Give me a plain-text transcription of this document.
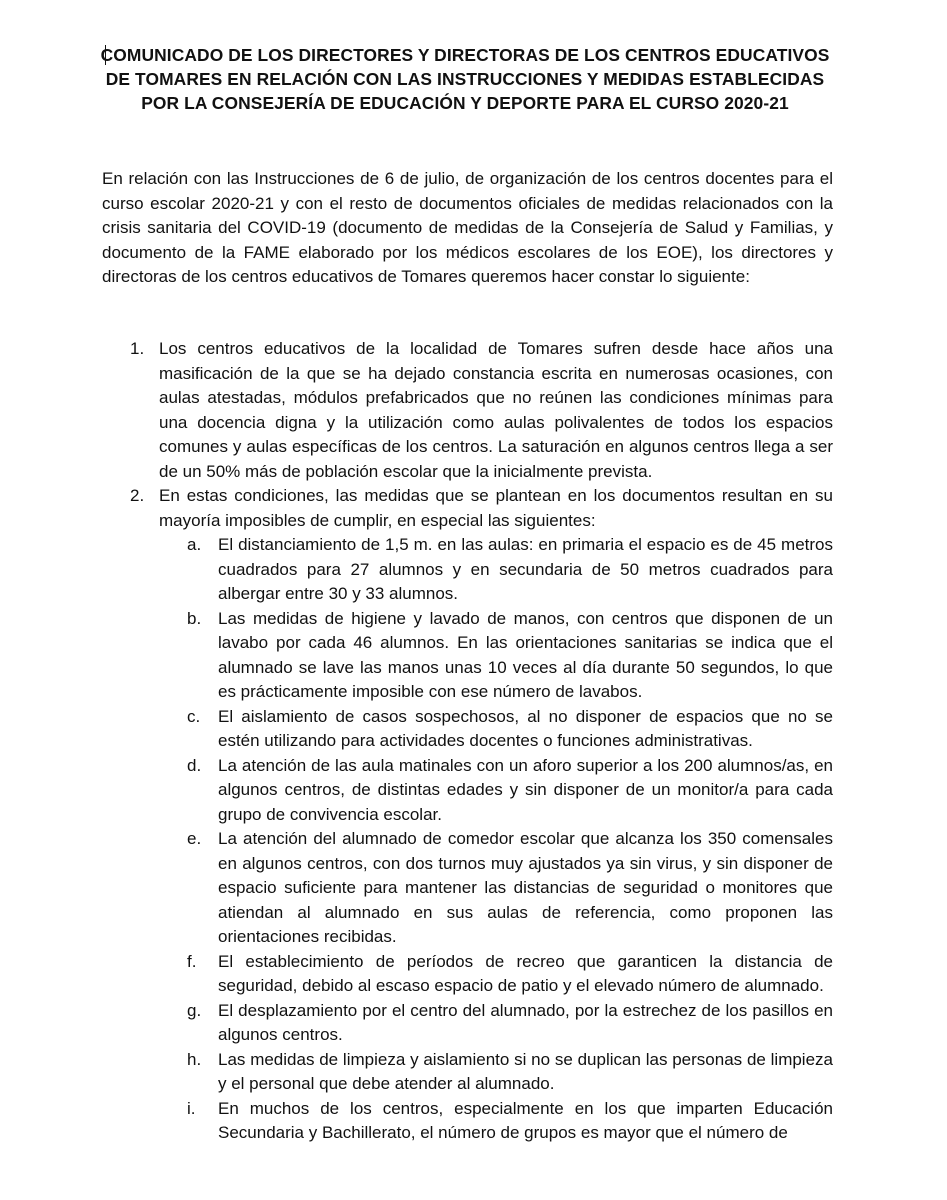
COMUNICADO DE LOS DIRECTORES Y DIRECTORAS DE LOS CENTROS EDUCATIVOS DE TOMARES EN RELACIÓN CON LAS INSTRUCCIONES Y MEDIDAS ESTABLECIDAS POR LA CONSEJERÍA DE EDUCACIÓN Y DEPORTE PARA EL CURSO 2020-21

En relación con las Instrucciones de 6 de julio, de organización de los centros docentes para el curso escolar 2020-21 y con el resto de documentos oficiales de medidas relacionados con la crisis sanitaria del COVID-19 (documento de medidas de la Consejería de Salud y Familias, y documento de la FAME elaborado por los médicos escolares de los EOE), los directores y directoras de los centros educativos de Tomares queremos hacer constar lo siguiente:

1. Los centros educativos de la localidad de Tomares sufren desde hace años una masificación de la que se ha dejado constancia escrita en numerosas ocasiones, con aulas atestadas, módulos prefabricados que no reúnen las condiciones mínimas para una docencia digna y la utilización como aulas polivalentes de todos los espacios comunes y aulas específicas de los centros. La saturación en algunos centros llega a ser de un 50% más de población escolar que la inicialmente prevista.
2. En estas condiciones, las medidas que se plantean en los documentos resultan en su mayoría imposibles de cumplir, en especial las siguientes:
a. El distanciamiento de 1,5 m. en las aulas: en primaria el espacio es de 45 metros cuadrados para 27 alumnos y en secundaria de 50 metros cuadrados para albergar entre 30 y 33 alumnos.
b. Las medidas de higiene y lavado de manos, con centros que disponen de un lavabo por cada 46 alumnos. En las orientaciones sanitarias se indica que el alumnado se lave las manos unas 10 veces al día durante 50 segundos, lo que es prácticamente imposible con ese número de lavabos.
c.	El aislamiento de casos sospechosos, al no disponer de espacios que no se estén utilizando para actividades docentes o funciones administrativas.
d. La atención de las aula matinales con un aforo superior a los 200 alumnos/as, en algunos centros, de distintas edades y sin disponer de un monitor/a para cada grupo de convivencia escolar.
e. La atención del alumnado de comedor escolar que alcanza los 350 comensales en algunos centros, con dos turnos muy ajustados ya sin virus, y sin disponer de espacio suficiente para mantener las distancias de seguridad o monitores que atiendan al alumnado en sus aulas de referencia, como proponen las orientaciones recibidas.
f.	El establecimiento de períodos de recreo que garanticen la distancia de seguridad, debido al escaso espacio de patio y el elevado número de alumnado.
g. El desplazamiento por el centro del alumnado, por la estrechez de los pasillos en algunos centros.
h. Las medidas de limpieza y aislamiento si no se duplican las personas de limpieza y el personal que debe atender al alumnado.
i.	En muchos de los centros, especialmente en los que imparten Educación Secundaria y Bachillerato, el número de grupos es mayor que el número de
